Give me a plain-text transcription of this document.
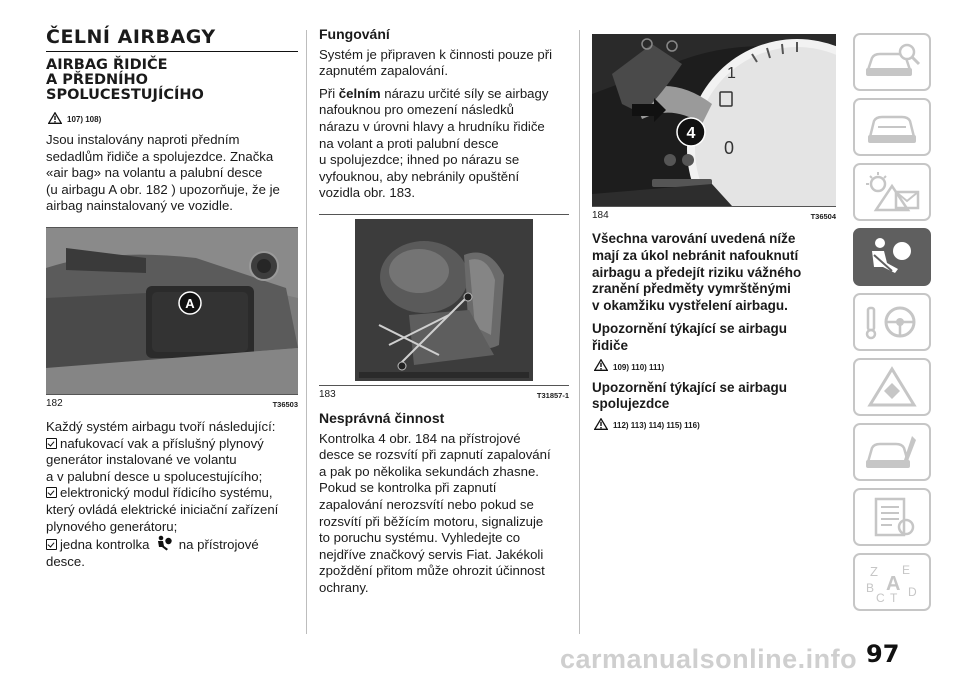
ČELNÍ AIRBAGY
AIRBAG ŘIDIČE
A PŘEDNÍHO
SPOLUCESTUJÍCÍHO
107) 108)

Jsou instalovány naproti předním
sedadlům řidiče a spolujezdce. Značka
«air bag» na volantu a palubní desce
(u airbagu A obr. 182 ) upozorňuje, že je
airbag nainstalovaný ve vozidle.

A
182	T36503

Každý systém airbagu tvoří následující:

nafukovací vak a příslušný plynový
generátor instalované ve volantu
a v palubní desce u spolucestujícího;

elektronický modul řídicího systému,
který ovládá elektrické iniciační zařízení
plynového generátoru;

jedna kontrolka na přístrojové
desce.

Fungování

Systém je připraven k činnosti pouze při
zapnutém zapalování.

Při čelním nárazu určité síly se airbagy
nafouknou pro omezení následků
nárazu v úrovni hlavy a hrudníku řidiče
na volant a proti palubní desce
u spolujezdce; ihned po nárazu se
vyfouknou, aby nebránily opuštění
vozidla obr. 183.

183	T31857-1
Nesprávná činnost

Kontrolka 4 obr. 184 na přístrojové
desce se rozsvítí při zapnutí zapalování
a pak po několika sekundách zhasne.
Pokud se kontrolka při zapnutí
zapalování nerozsvítí nebo pokud se
rozsvítí při běžícím motoru, signalizuje
to poruchu systému. Vyhledejte co
nejdříve značkový servis Fiat. Jakékoli
zpoždění přitom může ohrozit účinnost
ochrany.

1
0
4
184	T36504
Všechna varování uvedená níže
mají za úkol nebránit nafouknutí
airbagu a předejít riziku vážného
zranění předměty vymrštěnými
v okamžiku vystřelení airbagu.
Upozornění týkající se airbagu
řidiče
109) 110) 111)
Upozornění týkající se airbagu
spolujezdce
112) 113) 114) 115) 116)
Z E
B A
C T D
carmanualsonline.info 97
